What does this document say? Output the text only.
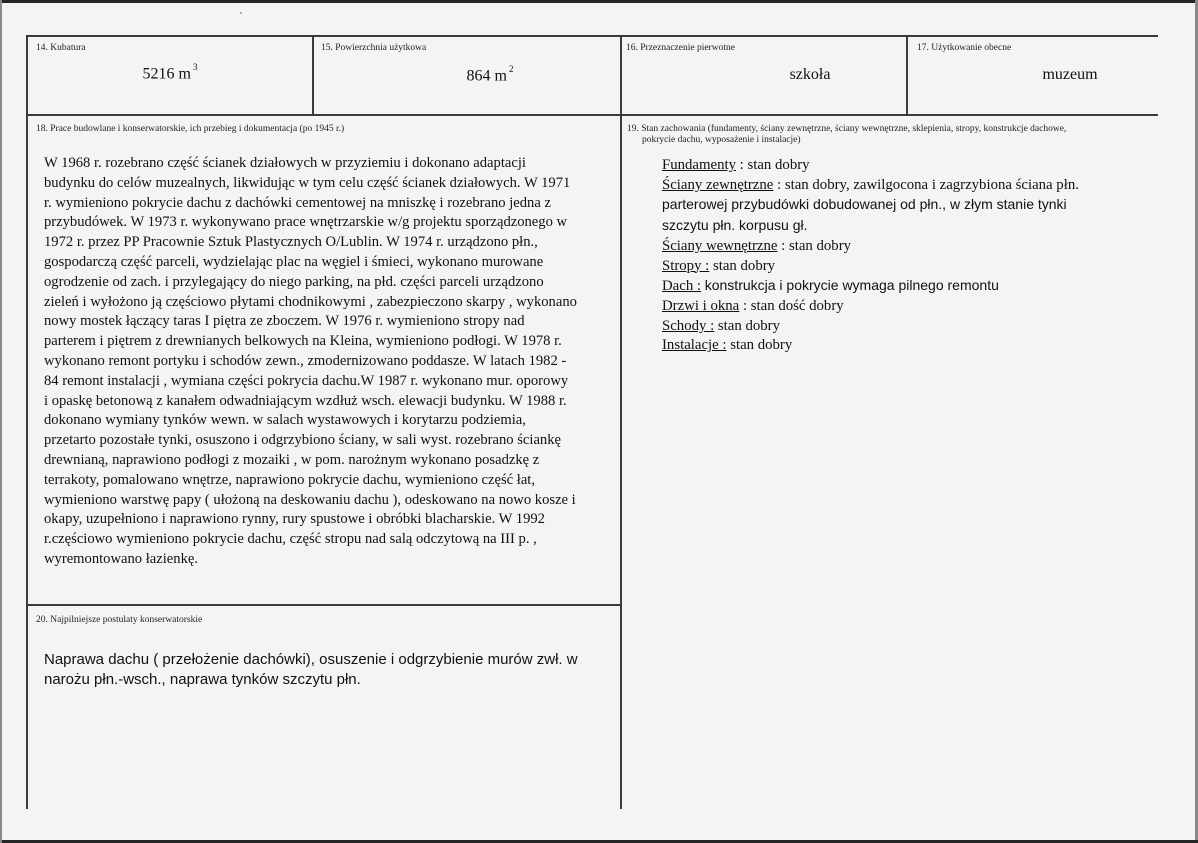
14. Kubatura
5216 m $^3$
15. Powierzchnia użytkowa
864 m $^2$
16. Przeznaczenie pierwotne
szkoła
17. Użytkowanie obecne
muzeum
18. Prace budowlane i konserwatorskie, ich przebieg i dokumentacja (po 1945 r.)
W 1968 r. rozebrano część ścianek działowych w przyziemiu i dokonano adaptacji
budynku do celów muzealnych, likwidując w tym celu część ścianek działowych. W 1971
r. wymieniono pokrycie dachu z dachówki cementowej na mniszkę i rozebrano jedna z
przybudówek. W 1973 r. wykonywano prace wnętrzarskie w/g projektu sporządzonego w
1972 r. przez PP Pracownie Sztuk Plastycznych O/Lublin. W 1974 r. urządzono płn.,
gospodarczą część parceli, wydzielając plac na węgiel i śmieci, wykonano murowane
ogrodzenie od zach. i przylegający do niego parking, na płd. części parceli urządzono
zieleń i wyłożono ją częściowo płytami chodnikowymi , zabezpieczono skarpy , wykonano
nowy mostek łączący taras I piętra ze zboczem. W 1976 r. wymieniono stropy nad
parterem i piętrem z drewnianych belkowych na Kleina, wymieniono podłogi. W 1978 r.
wykonano remont portyku i schodów zewn., zmodernizowano poddasze. W latach 1982 -
84 remont instalacji , wymiana części pokrycia dachu.W 1987 r. wykonano mur. oporowy
i opaskę betonową z kanałem odwadniającym wzdłuż wsch. elewacji budynku. W 1988 r.
dokonano wymiany tynków wewn. w salach wystawowych i korytarzu podziemia,
przetarto pozostałe tynki, osuszono i odgrzybiono ściany, w sali wyst. rozebrano ściankę
drewnianą, naprawiono podłogi z mozaiki , w pom. narożnym wykonano posadzkę z
terrakoty, pomalowano wnętrze, naprawiono pokrycie dachu, wymieniono część łat,
wymieniono warstwę papy ( ułożoną na deskowaniu dachu ), odeskowano na nowo kosze i
okapy, uzupełniono i naprawiono rynny, rury spustowe i obróbki blacharskie. W 1992
r.częściowo wymieniono pokrycie dachu, część stropu nad salą odczytową na III p. ,
wyremontowano łazienkę.
19. Stan zachowania (fundamenty, ściany zewnętrzne, ściany wewnętrzne, sklepienia, stropy, konstrukcje dachowe,
pokrycie dachu, wyposażenie i instalacje)
Fundamenty : stan dobry
Ściany zewnętrzne : stan dobry, zawilgocona i zagrzybiona ściana płn.
parterowej przybudówki dobudowanej od płn., w złym stanie tynki
szczytu płn. korpusu gł.
Ściany wewnętrzne : stan dobry
Stropy : stan dobry
Dach : konstrukcja i pokrycie wymaga pilnego remontu
Drzwi i okna : stan dość dobry
Schody : stan dobry
Instalacje : stan dobry
20. Najpilniejsze postulaty konserwatorskie
Naprawa dachu ( przełożenie dachówki), osuszenie i odgrzybienie murów zwł. w
narożu płn.-wsch., naprawa tynków szczytu płn.
